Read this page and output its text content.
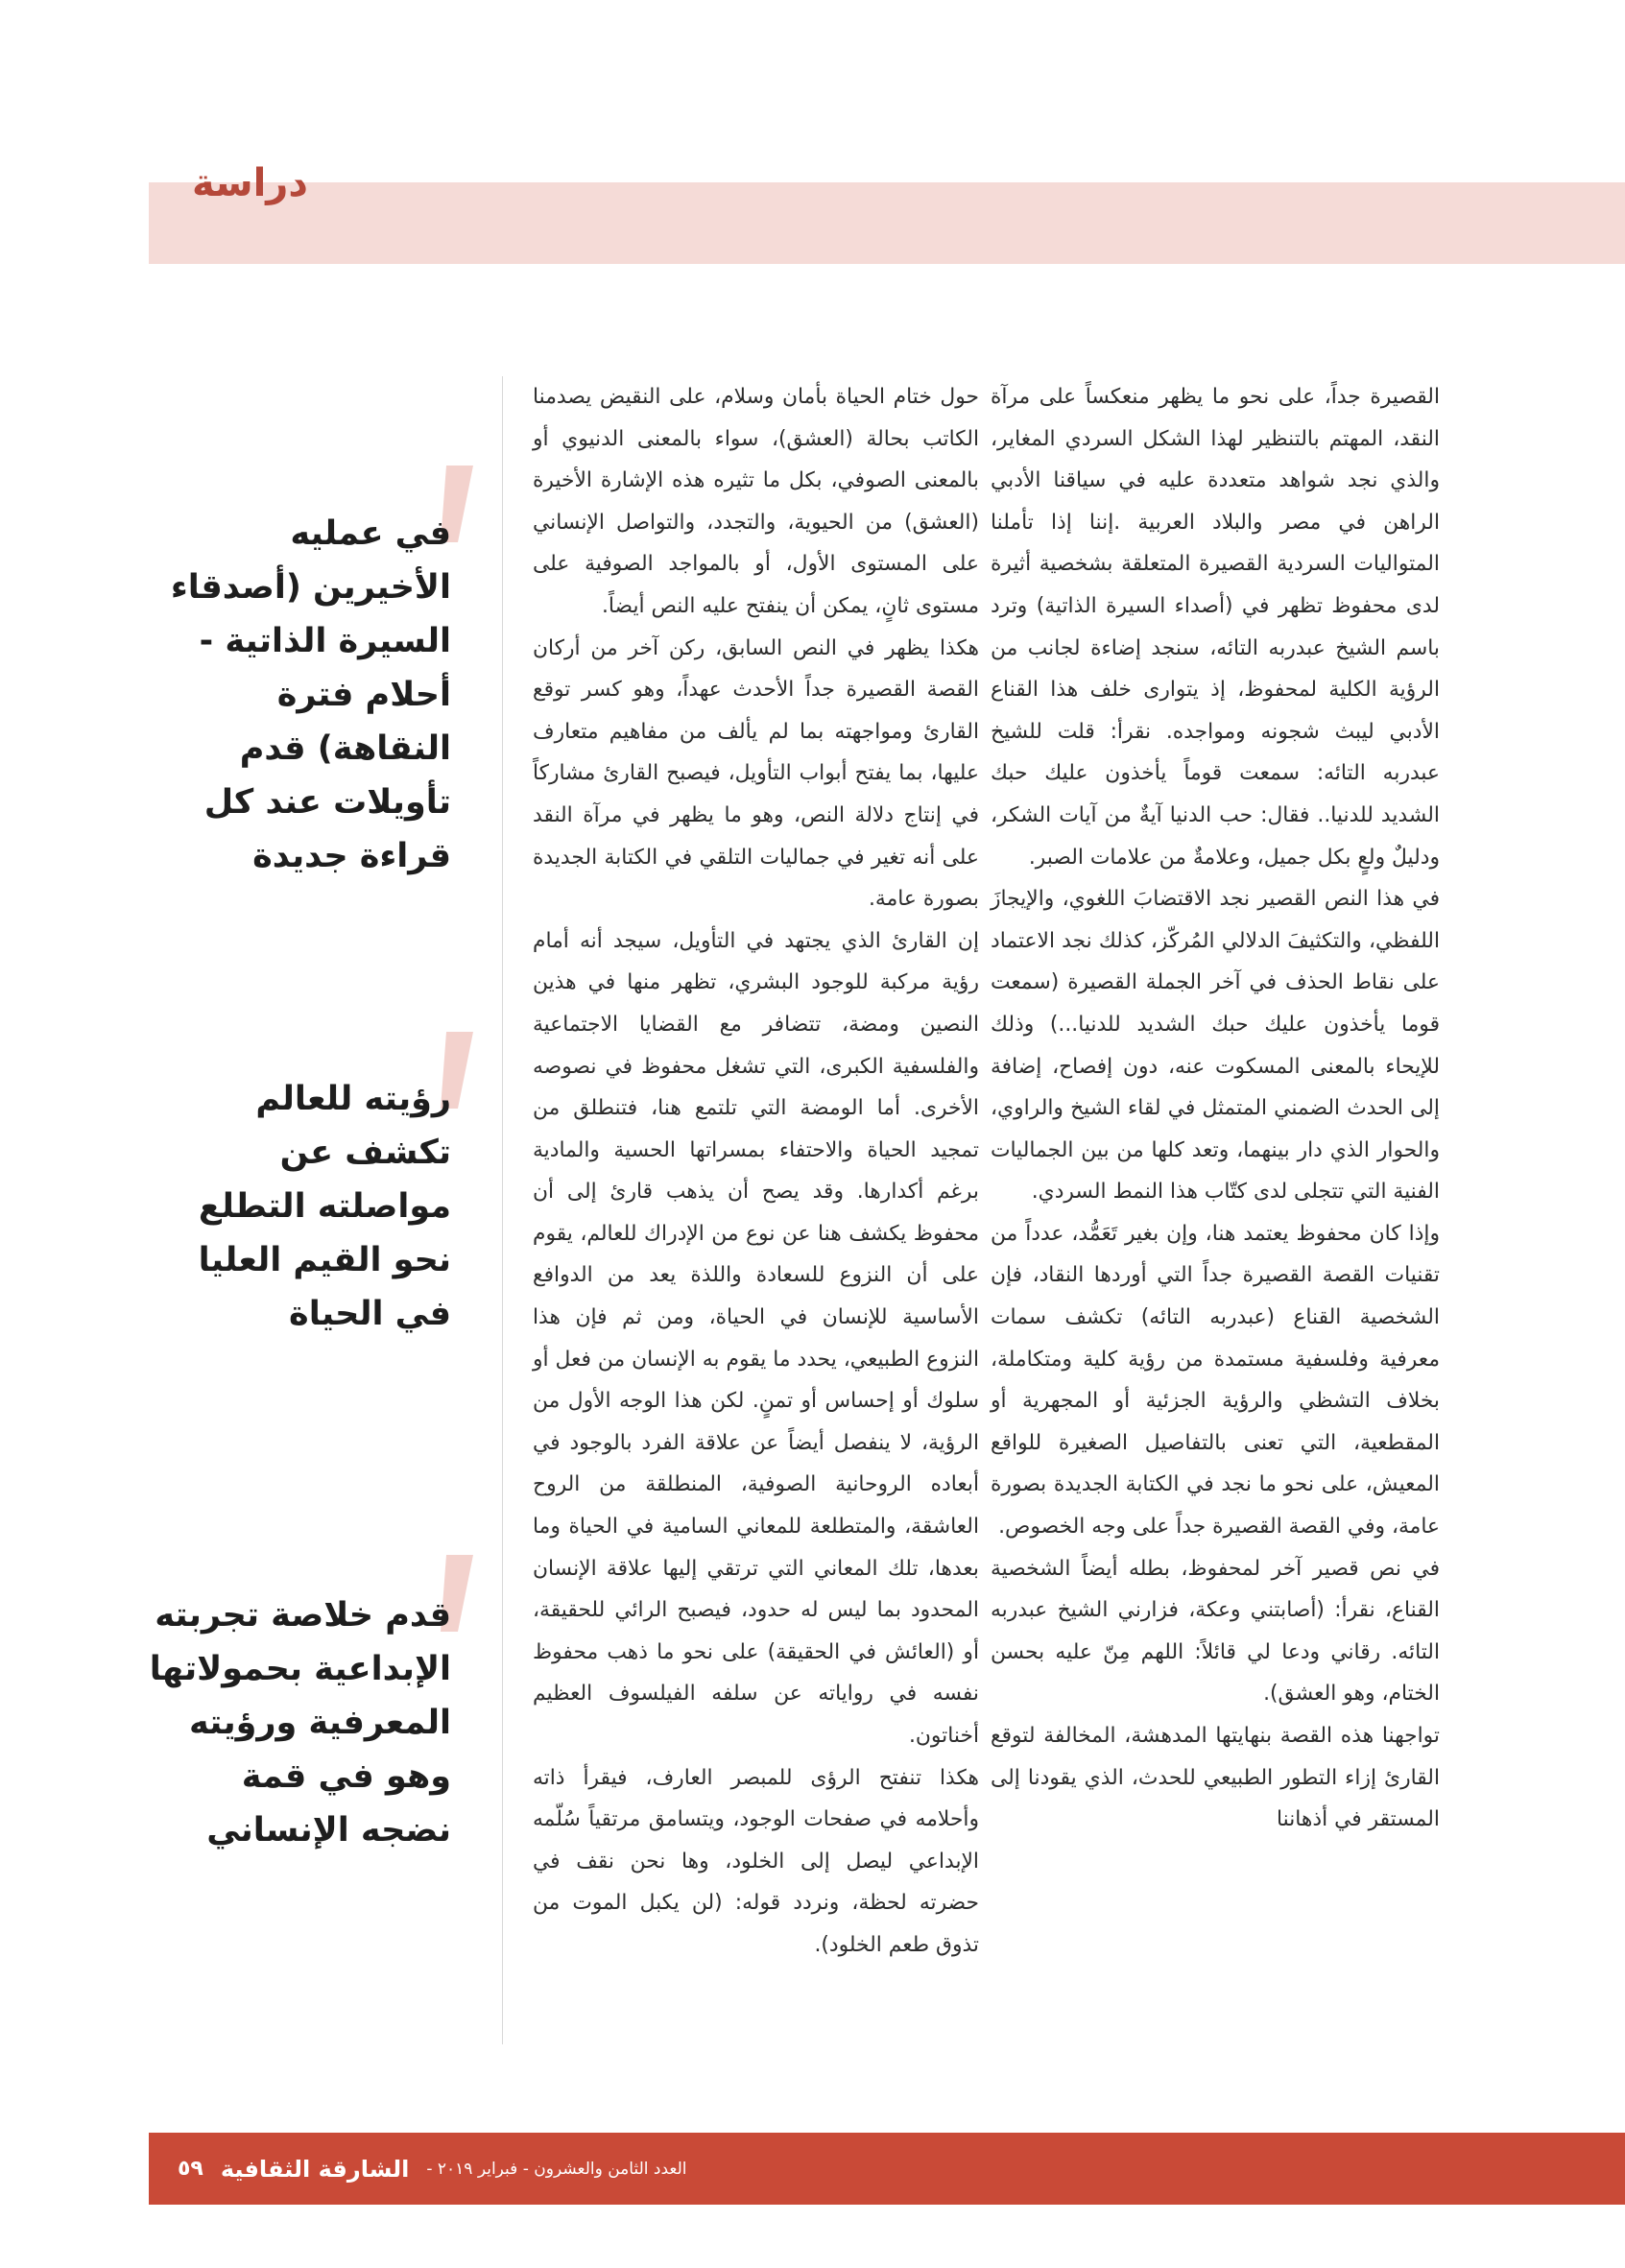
دراسة

القصيرة جداً، على نحو ما يظهر منعكساً على مرآة النقد، المهتم بالتنظير لهذا الشكل السردي المغاير، والذي نجد شواهد متعددة عليه في سياقنا الأدبي الراهن في مصر والبلاد العربية .إننا إذا تأملنا المتواليات السردية القصيرة المتعلقة بشخصية أثيرة لدى محفوظ تظهر في (أصداء السيرة الذاتية) وترد باسم الشيخ عبدربه التائه، سنجد إضاءة لجانب من الرؤية الكلية لمحفوظ، إذ يتوارى خلف هذا القناع الأدبي ليبث شجونه ومواجده. نقرأ: قلت للشيخ عبدربه التائه: سمعت قوماً يأخذون عليك حبك الشديد للدنيا.. فقال: حب الدنيا آيةٌ من آيات الشكر، ودليلٌ ولعٍ بكل جميل، وعلامةٌ من علامات الصبر.

في هذا النص القصير نجد الاقتضابَ اللغوي، والإيجازَ اللفظي، والتكثيفَ الدلالي المُركّز، كذلك نجد الاعتماد على نقاط الحذف في آخر الجملة القصيرة (سمعت قوما يأخذون عليك حبك الشديد للدنيا...) وذلك للإيحاء بالمعنى المسكوت عنه، دون إفصاح، إضافة إلى الحدث الضمني المتمثل في لقاء الشيخ والراوي، والحوار الذي دار بينهما، وتعد كلها من بين الجماليات الفنية التي تتجلى لدى كتّاب هذا النمط السردي.

وإذا كان محفوظ يعتمد هنا، وإن بغير تَعَمُّد، عدداً من تقنيات القصة القصيرة جداً التي أوردها النقاد، فإن الشخصية القناع (عبدربه التائه) تكشف سمات معرفية وفلسفية مستمدة من رؤية كلية ومتكاملة، بخلاف التشظي والرؤية الجزئية أو المجهرية أو المقطعية، التي تعنى بالتفاصيل الصغيرة للواقع المعيش، على نحو ما نجد في الكتابة الجديدة بصورة عامة، وفي القصة القصيرة جداً على وجه الخصوص.

في نص قصير آخر لمحفوظ، بطله أيضاً الشخصية القناع، نقرأ: (أصابتني وعكة، فزارني الشيخ عبدربه التائه. رقاني ودعا لي قائلاً: اللهم مِنّ عليه بحسن الختام، وهو العشق).

تواجهنا هذه القصة بنهايتها المدهشة، المخالفة لتوقع القارئ إزاء التطور الطبيعي للحدث، الذي يقودنا إلى المستقر في أذهاننا

حول ختام الحياة بأمان وسلام، على النقيض يصدمنا الكاتب بحالة (العشق)، سواء بالمعنى الدنيوي أو بالمعنى الصوفي، بكل ما تثيره هذه الإشارة الأخيرة (العشق) من الحيوية، والتجدد، والتواصل الإنساني على المستوى الأول، أو بالمواجد الصوفية على مستوى ثانٍ، يمكن أن ينفتح عليه النص أيضاً.

هكذا يظهر في النص السابق، ركن آخر من أركان القصة القصيرة جداً الأحدث عهداً، وهو كسر توقع القارئ ومواجهته بما لم يألف من مفاهيم متعارف عليها، بما يفتح أبواب التأويل، فيصبح القارئ مشاركاً في إنتاج دلالة النص، وهو ما يظهر في مرآة النقد على أنه تغير في جماليات التلقي في الكتابة الجديدة بصورة عامة.

إن القارئ الذي يجتهد في التأويل، سيجد أنه أمام رؤية مركبة للوجود البشري، تظهر منها في هذين النصين ومضة، تتضافر مع القضايا الاجتماعية والفلسفية الكبرى، التي تشغل محفوظ في نصوصه الأخرى. أما الومضة التي تلتمع هنا، فتنطلق من تمجيد الحياة والاحتفاء بمسراتها الحسية والمادية برغم أكدارها. وقد يصح أن يذهب قارئ إلى أن محفوظ يكشف هنا عن نوع من الإدراك للعالم، يقوم على أن النزوع للسعادة واللذة يعد من الدوافع الأساسية للإنسان في الحياة، ومن ثم فإن هذا النزوع الطبيعي، يحدد ما يقوم به الإنسان من فعل أو سلوك أو إحساس أو تمنٍ. لكن هذا الوجه الأول من الرؤية، لا ينفصل أيضاً عن علاقة الفرد بالوجود في أبعاده الروحانية الصوفية، المنطلقة من الروح العاشقة، والمتطلعة للمعاني السامية في الحياة وما بعدها، تلك المعاني التي ترتقي إليها علاقة الإنسان المحدود بما ليس له حدود، فيصبح الرائي للحقيقة، أو (العائش في الحقيقة) على نحو ما ذهب محفوظ نفسه في رواياته عن سلفه الفيلسوف العظيم أخناتون.

هكذا تنفتح الرؤى للمبصر العارف، فيقرأ ذاته وأحلامه في صفحات الوجود، ويتسامق مرتقياً سُلّمه الإبداعي ليصل إلى الخلود، وها نحن نقف في حضرته لحظة، ونردد قوله: (لن يكبل الموت من تذوق طعم الخلود).

في عمليه الأخيرين (أصدقاء السيرة الذاتية - أحلام فترة النقاهة) قدم تأويلات عند كل قراءة جديدة
رؤيته للعالم تكشف عن مواصلته التطلع نحو القيم العليا في الحياة
قدم خلاصة تجربته الإبداعية بحمولاتها المعرفية ورؤيته وهو في قمة نضجه الإنساني
٥٩ الشارقة الثقافية العدد الثامن والعشرون - فبراير ٢٠١٩ -
